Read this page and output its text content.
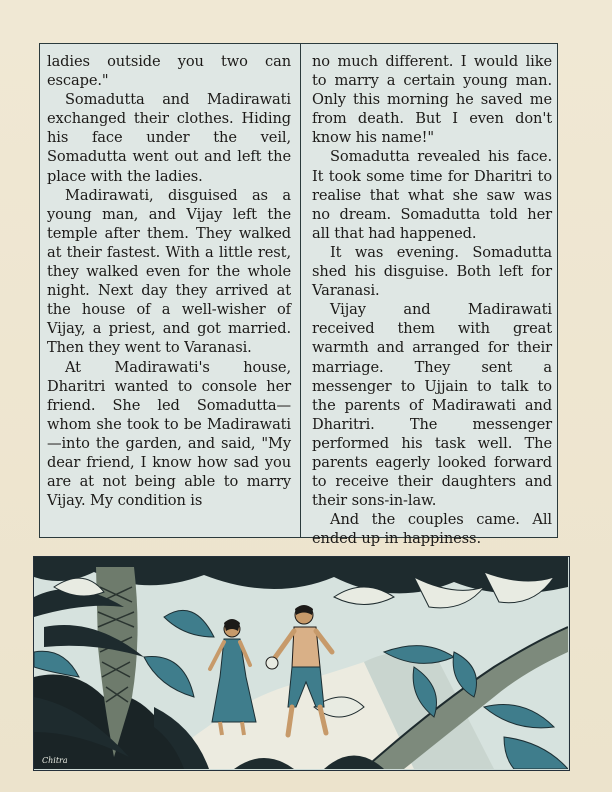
ladies outside you two can escape."

Somadutta and Madirawati exchanged their clothes. Hiding his face under the veil, Somadutta went out and left the place with the ladies.

Madirawati, disguised as a young man, and Vijay left the temple after them. They walked at their fastest. With a little rest, they walked even for the whole night. Next day they arrived at the house of a well-wisher of Vijay, a priest, and got married. Then they went to Varanasi.

At Madirawati's house, Dharitri wanted to console her friend. She led Somadutta—whom she took to be Madirawati—into the garden, and said, "My dear friend, I know how sad you are at not being able to marry Vijay. My condition is

no much different. I would like to marry a certain young man. Only this morning he saved me from death. But I even don't know his name!"

Somadutta revealed his face. It took some time for Dharitri to realise that what she saw was no dream. Somadutta told her all that had happened.

It was evening. Somadutta shed his disguise. Both left for Varanasi.

Vijay and Madirawati received them with great warmth and arranged for their marriage. They sent a messenger to Ujjain to talk to the parents of Madirawati and Dharitri. The messenger performed his task well. The parents eagerly looked forward to receive their daughters and their sons-in-law.

And the couples came. All ended up in happiness.

Chitra
